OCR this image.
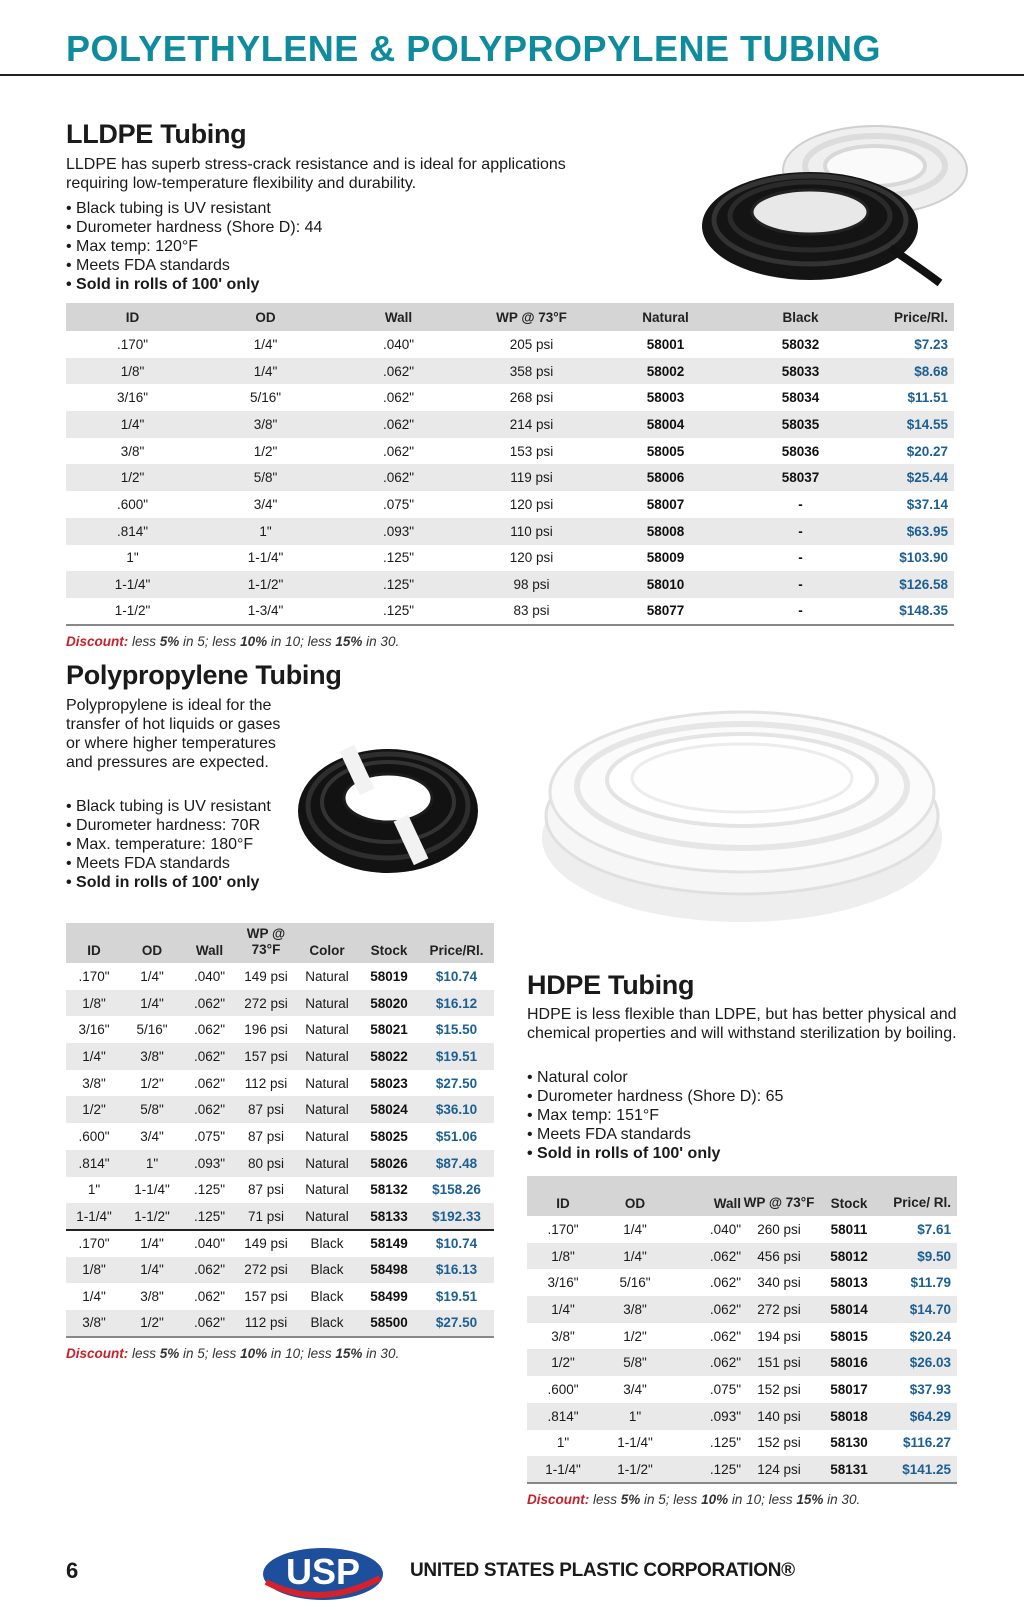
POLYETHYLENE & POLYPROPYLENE TUBING
LLDPE Tubing

LLDPE has superb stress-crack resistance and is ideal for applications requiring low-temperature flexibility and durability.

• Black tubing is UV resistant
• Durometer hardness (Shore D): 44
• Max temp: 120°F
• Meets FDA standards
• Sold in rolls of 100' only
ID	OD	Wall	WP @ 73°F	Natural	Black	Price/Rl.
.170"	1/4"	.040"	205 psi	58001	58032	$7.23
1/8"	1/4"	.062"	358 psi	58002	58033	$8.68
3/16"	5/16"	.062"	268 psi	58003	58034	$11.51
1/4"	3/8"	.062"	214 psi	58004	58035	$14.55
3/8"	1/2"	.062"	153 psi	58005	58036	$20.27
1/2"	5/8"	.062"	119 psi	58006	58037	$25.44
.600"	3/4"	.075"	120 psi	58007	-	$37.14
.814"	1"	.093"	110 psi	58008	-	$63.95
1"	1-1/4"	.125"	120 psi	58009	-	$103.90
1-1/4"	1-1/2"	.125"	98 psi	58010	-	$126.58
1-1/2"	1-3/4"	.125"	83 psi	58077	-	$148.35
Discount: less 5% in 5; less 10% in 10; less 15% in 30.
Polypropylene Tubing

Polypropylene is ideal for the transfer of hot liquids or gases or where higher temperatures and pressures are expected.

• Black tubing is UV resistant
• Durometer hardness: 70R
• Max. temperature: 180°F
• Meets FDA standards
• Sold in rolls of 100' only
ID	OD	Wall	WP @ 73°F	Color	Stock	Price/Rl.
.170"	1/4"	.040"	149 psi	Natural	58019	$10.74
1/8"	1/4"	.062"	272 psi	Natural	58020	$16.12
3/16"	5/16"	.062"	196 psi	Natural	58021	$15.50
1/4"	3/8"	.062"	157 psi	Natural	58022	$19.51
3/8"	1/2"	.062"	112 psi	Natural	58023	$27.50
1/2"	5/8"	.062"	87 psi	Natural	58024	$36.10
.600"	3/4"	.075"	87 psi	Natural	58025	$51.06
.814"	1"	.093"	80 psi	Natural	58026	$87.48
1"	1-1/4"	.125"	87 psi	Natural	58132	$158.26
1-1/4"	1-1/2"	.125"	71 psi	Natural	58133	$192.33
.170"	1/4"	.040"	149 psi	Black	58149	$10.74
1/8"	1/4"	.062"	272 psi	Black	58498	$16.13
1/4"	3/8"	.062"	157 psi	Black	58499	$19.51
3/8"	1/2"	.062"	112 psi	Black	58500	$27.50
Discount: less 5% in 5; less 10% in 10; less 15% in 30.
HDPE Tubing

HDPE is less flexible than LDPE, but has better physical and chemical properties and will withstand sterilization by boiling.

• Natural color
• Durometer hardness (Shore D): 65
• Max temp: 151°F
• Meets FDA standards
• Sold in rolls of 100' only
ID	OD	Wall	WP @ 73°F	Stock	Price/ Rl.
.170"	1/4"	.040"	260 psi	58011	$7.61
1/8"	1/4"	.062"	456 psi	58012	$9.50
3/16"	5/16"	.062"	340 psi	58013	$11.79
1/4"	3/8"	.062"	272 psi	58014	$14.70
3/8"	1/2"	.062"	194 psi	58015	$20.24
1/2"	5/8"	.062"	151 psi	58016	$26.03
.600"	3/4"	.075"	152 psi	58017	$37.93
.814"	1"	.093"	140 psi	58018	$64.29
1"	1-1/4"	.125"	152 psi	58130	$116.27
1-1/4"	1-1/2"	.125"	124 psi	58131	$141.25
Discount: less 5% in 5; less 10% in 10; less 15% in 30.
6	USP	UNITED STATES PLASTIC CORPORATION®
